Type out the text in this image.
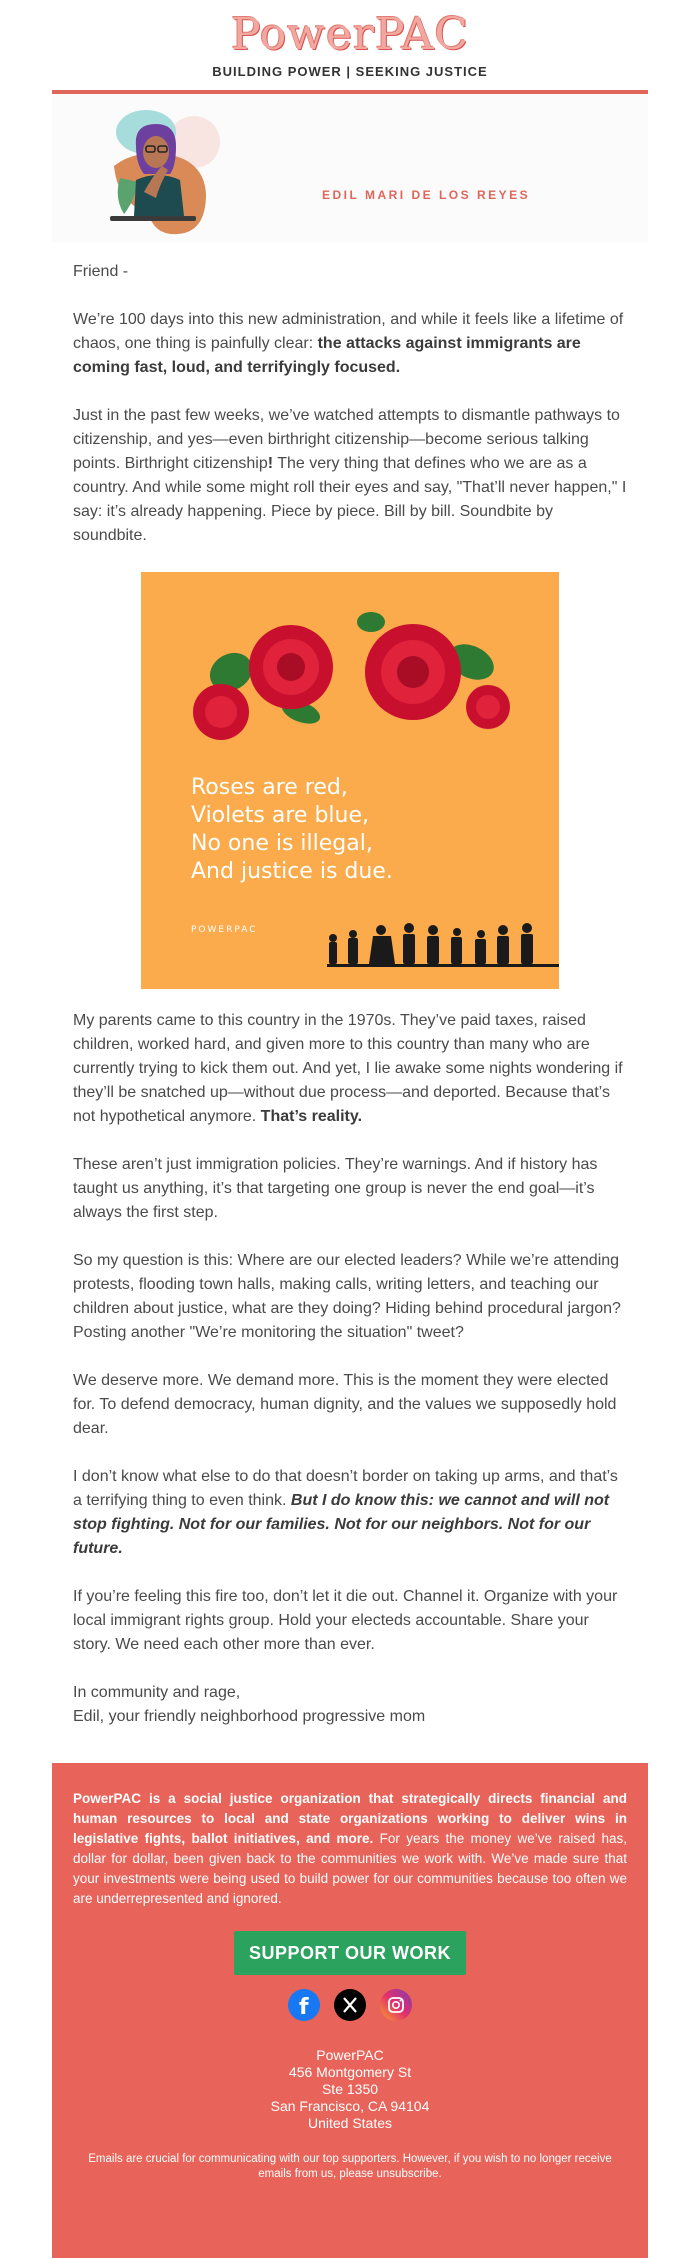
PowerPAC
BUILDING POWER | SEEKING JUSTICE
EDIL MARI DE LOS REYES

Friend -

We’re 100 days into this new administration, and while it feels like a lifetime of chaos, one thing is painfully clear: the attacks against immigrants are coming fast, loud, and terrifyingly focused.

Just in the past few weeks, we’ve watched attempts to dismantle pathways to citizenship, and yes—even birthright citizenship—become serious talking points. Birthright citizenship! The very thing that defines who we are as a country. And while some might roll their eyes and say, "That’ll never happen," I say: it’s already happening. Piece by piece. Bill by bill. Soundbite by soundbite.

Roses are red,
Violets are blue,
No one is illegal,
And justice is due.
POWERPAC

My parents came to this country in the 1970s. They’ve paid taxes, raised children, worked hard, and given more to this country than many who are currently trying to kick them out. And yet, I lie awake some nights wondering if they’ll be snatched up—without due process—and deported. Because that’s not hypothetical anymore. That’s reality.

These aren’t just immigration policies. They’re warnings. And if history has taught us anything, it’s that targeting one group is never the end goal—it’s always the first step.

So my question is this: Where are our elected leaders? While we’re attending protests, flooding town halls, making calls, writing letters, and teaching our children about justice, what are they doing? Hiding behind procedural jargon? Posting another "We’re monitoring the situation" tweet?

We deserve more. We demand more. This is the moment they were elected for. To defend democracy, human dignity, and the values we supposedly hold dear.

I don’t know what else to do that doesn’t border on taking up arms, and that’s a terrifying thing to even think. But I do know this: we cannot and will not stop fighting. Not for our families. Not for our neighbors. Not for our future.

If you’re feeling this fire too, don’t let it die out. Channel it. Organize with your local immigrant rights group. Hold your electeds accountable. Share your story. We need each other more than ever.

In community and rage,
Edil, your friendly neighborhood progressive mom

PowerPAC is a social justice organization that strategically directs financial and human resources to local and state organizations working to deliver wins in legislative fights, ballot initiatives, and more. For years the money we’ve raised has, dollar for dollar, been given back to the communities we work with. We’ve made sure that your investments were being used to build power for our communities because too often we are underrepresented and ignored.

SUPPORT OUR WORK
f

PowerPAC
456 Montgomery St
Ste 1350
San Francisco, CA 94104
United States
Emails are crucial for communicating with our top supporters. However, if you wish to no longer receive emails from us, please unsubscribe.
